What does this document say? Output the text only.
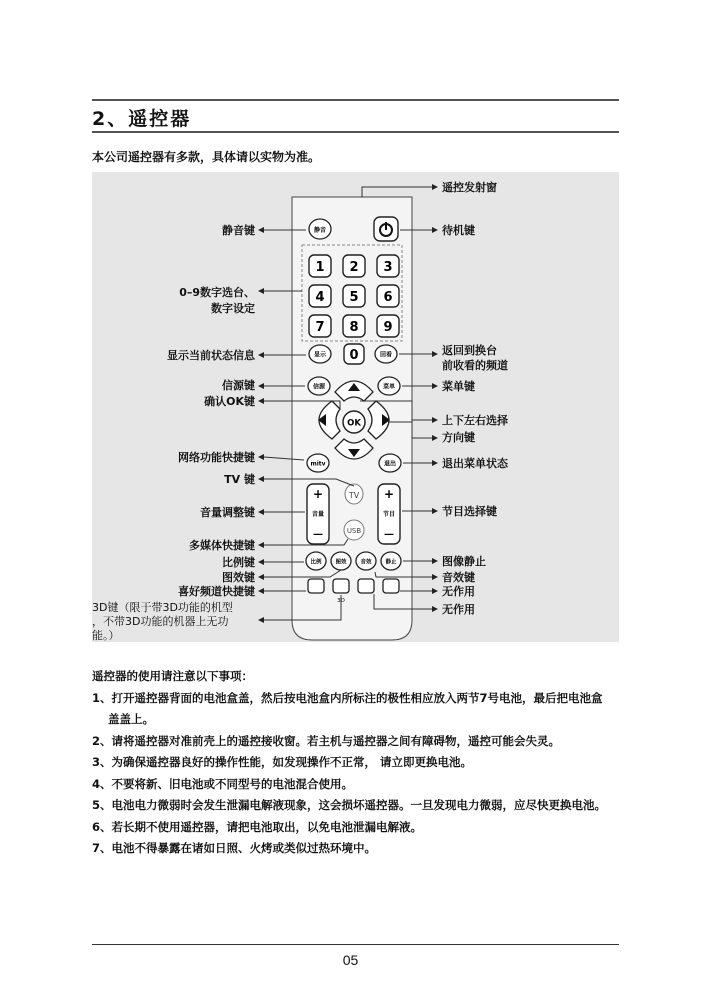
2、遥控器
本公司遥控器有多款，具体请以实物为准。
静音
1 2 3
4 5 6
7 8 9
显示 0	回看
信源	菜单
OK
mitv	退出
+
音量
—
+
节目
—
TV
USB
比例	图效	音效	静止
3D
静音键
0–9数字选台、
数字设定
显示当前状态信息
信源键
确认OK键
网络功能快捷键
TV 键
音量调整键
多媒体快捷键
比例键
图效键
喜好频道快捷键
3D键（限于带3D功能的机型
，不带3D功能的机器上无功
能。）
遥控发射窗
待机键
返回到换台
前收看的频道
菜单键
上下左右选择
方向键
退出菜单状态
节目选择键
图像静止
音效键
无作用
无作用

遥控器的使用请注意以下事项：

1、打开遥控器背面的电池盒盖，然后按电池盒内所标注的极性相应放入两节7号电池，最后把电池盒盖盖上。

2、请将遥控器对准前壳上的遥控接收窗。若主机与遥控器之间有障碍物，遥控可能会失灵。

3、为确保遥控器良好的操作性能，如发现操作不正常， 请立即更换电池。

4、不要将新、旧电池或不同型号的电池混合使用。

5、电池电力微弱时会发生泄漏电解液现象，这会损坏遥控器。一旦发现电力微弱，应尽快更换电池。

6、若长期不使用遥控器，请把电池取出，以免电池泄漏电解液。

7、电池不得暴露在诸如日照、火烤或类似过热环境中。

05
